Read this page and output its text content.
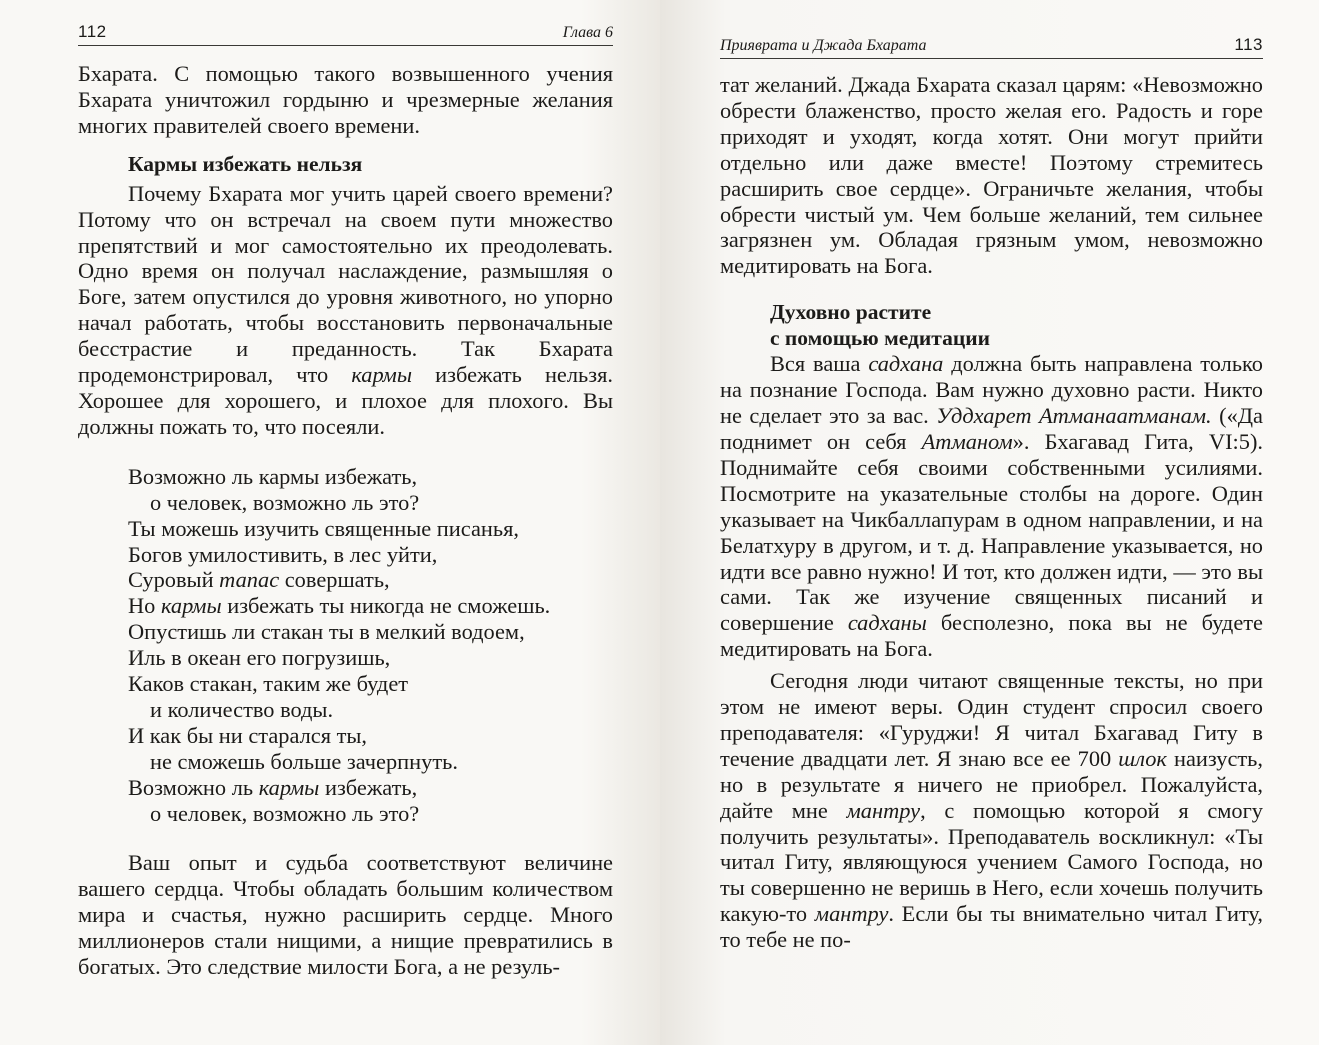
112	Глава 6

Бхарата. С помощью такого возвышенного учения Бхарата уничтожил гордыню и чрезмерные желания многих правителей своего времени.

Кармы избежать нельзя

Почему Бхарата мог учить царей своего времени? Потому что он встречал на своем пути множество препятствий и мог самостоятельно их преодолевать. Одно время он получал наслаждение, размышляя о Боге, затем опустился до уровня животного, но упорно начал работать, чтобы восстановить первоначальные бесстрастие и преданность. Так Бхарата продемонстрировал, что кармы избежать нельзя. Хорошее для хорошего, и плохое для плохого. Вы должны пожать то, что посеяли.

Возможно ль кармы избежать,
о человек, возможно ль это?
Ты можешь изучить священные писанья,
Богов умилостивить, в лес уйти,
Суровый тапас совершать,
Но кармы избежать ты никогда не сможешь.
Опустишь ли стакан ты в мелкий водоем,
Иль в океан его погрузишь,
Каков стакан, таким же будет
и количество воды.
И как бы ни старался ты,
не сможешь больше зачерпнуть.
Возможно ль кармы избежать,
о человек, возможно ль это?

Ваш опыт и судьба соответствуют величине вашего сердца. Чтобы обладать большим количеством мира и счастья, нужно расширить сердце. Много миллионеров стали нищими, а нищие превратились в богатых. Это следствие милости Бога, а не резуль-

Приявратa и Джада Бхарата	113

тат желаний. Джада Бхарата сказал царям: «Невозможно обрести блаженство, просто желая его. Радость и горе приходят и уходят, когда хотят. Они могут прийти отдельно или даже вместе! Поэтому стремитесь расширить свое сердце». Ограничьте желания, чтобы обрести чистый ум. Чем больше желаний, тем сильнее загрязнен ум. Обладая грязным умом, невозможно медитировать на Бога.

Духовно растите
с помощью медитации

Вся ваша садхана должна быть направлена только на познание Господа. Вам нужно духовно расти. Никто не сделает это за вас. Уддхарет Атманаатманам. («Да поднимет он себя Атманом». Бхагавад Гита, VI:5). Поднимайте себя своими собственными усилиями. Посмотрите на указательные столбы на дороге. Один указывает на Чикбаллапурам в одном направлении, и на Белатхуру в другом, и т. д. Направление указывается, но идти все равно нужно! И тот, кто должен идти, — это вы сами. Так же изучение священных писаний и совершение садханы бесполезно, пока вы не будете медитировать на Бога.

Сегодня люди читают священные тексты, но при этом не имеют веры. Один студент спросил своего преподавателя: «Гуруджи! Я читал Бхагавад Гиту в течение двадцати лет. Я знаю все ее 700 шлок наизусть, но в результате я ничего не приобрел. Пожалуйста, дайте мне мантру, с помощью которой я смогу получить результаты». Преподаватель воскликнул: «Ты читал Гиту, являющуюся учением Самого Господа, но ты совершенно не веришь в Него, если хочешь получить какую-то мантру. Если бы ты внимательно читал Гиту, то тебе не по-
